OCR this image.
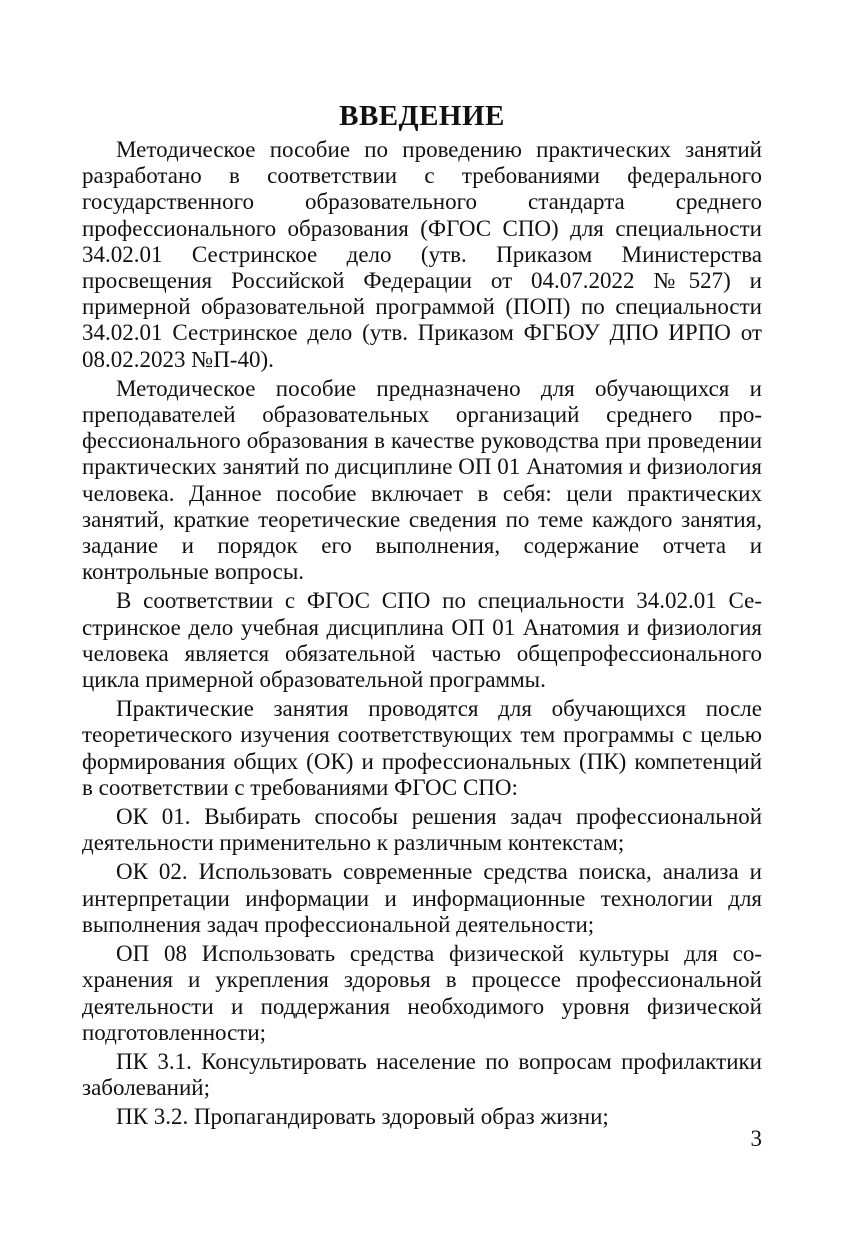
ВВЕДЕНИЕ

Методическое пособие по проведению практических занятий разработано в соответствии с требованиями федерального государственного образовательного стандарта среднего профессионального образования (ФГОС СПО) для специальности 34.02.01 Сестринское дело (утв. Приказом Министерства просвещения Российской Федерации от 04.07.2022 №527) и примерной образовательной программой (ПОП) по специальности 34.02.01 Сестринское дело (утв. Приказом ФГБОУ ДПО ИРПО от 08.02.2023 №П-40).

Методическое пособие предназначено для обучающихся и преподавателей образовательных организаций среднего профессионального образования в качестве руководства при проведении практических занятий по дисциплине ОП 01 Анатомия и физиология человека. Данное пособие включает в себя: цели практических занятий, краткие теоретические сведения по теме каждого занятия, задание и порядок его выполнения, содержание отчета и контрольные вопросы.

В соответствии с ФГОС СПО по специальности 34.02.01 Сестринское дело учебная дисциплина ОП 01 Анатомия и физиология человека является обязательной частью общепрофессионального цикла примерной образовательной программы.

Практические занятия проводятся для обучающихся после теоретического изучения соответствующих тем программы с целью формирования общих (ОК) и профессиональных (ПК) компетенций в соответствии с требованиями ФГОС СПО:

ОК 01. Выбирать способы решения задач профессиональной деятельности применительно к различным контекстам;

ОК 02. Использовать современные средства поиска, анализа и интерпретации информации и информационные технологии для выполнения задач профессиональной деятельности;

ОП 08 Использовать средства физической культуры для сохранения и укрепления здоровья в процессе профессиональной деятельности и поддержания необходимого уровня физической подготовленности;

ПК 3.1. Консультировать население по вопросам профилактики заболеваний;

ПК 3.2. Пропагандировать здоровый образ жизни;

3
